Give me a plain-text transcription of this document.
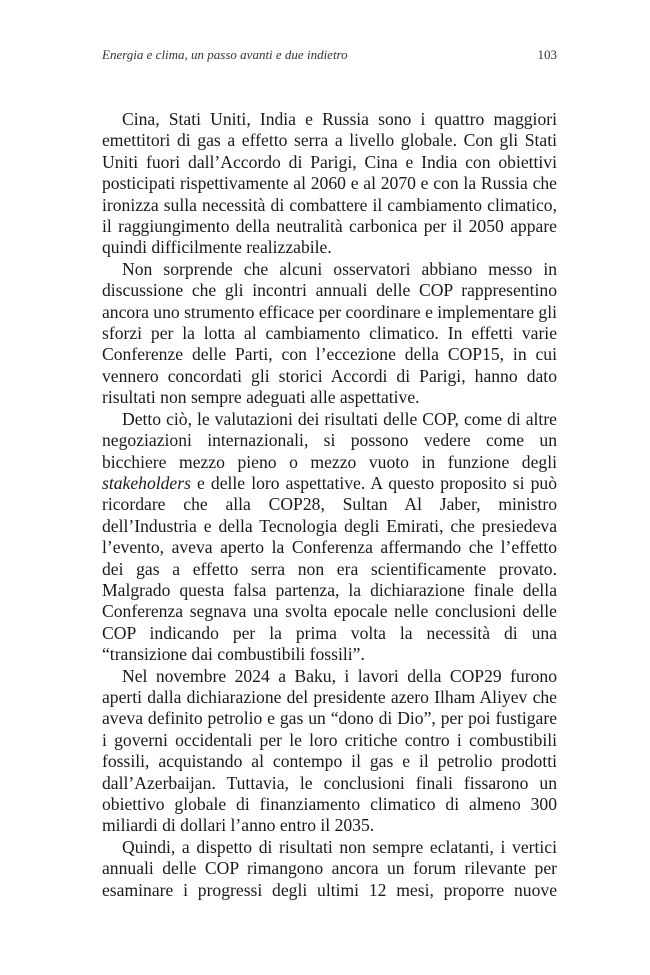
Energia e clima, un passo avanti e due indietro	103

Cina, Stati Uniti, India e Russia sono i quattro maggiori emettitori di gas a effetto serra a livello globale. Con gli Stati Uniti fuori dall’Accordo di Parigi, Cina e India con obiettivi posticipati rispettivamente al 2060 e al 2070 e con la Russia che ironizza sulla necessità di combattere il cambiamento climatico, il raggiungimento della neutralità carbonica per il 2050 appare quindi difficilmente realizzabile.

Non sorprende che alcuni osservatori abbiano messo in discussione che gli incontri annuali delle COP rappresentino ancora uno strumento efficace per coordinare e implementare gli sforzi per la lotta al cambiamento climatico. In effetti varie Conferenze delle Parti, con l’eccezione della COP15, in cui vennero concordati gli storici Accordi di Parigi, hanno dato risultati non sempre adeguati alle aspettative.

Detto ciò, le valutazioni dei risultati delle COP, come di altre negoziazioni internazionali, si possono vedere come un bicchiere mezzo pieno o mezzo vuoto in funzione degli stakeholders e delle loro aspettative. A questo proposito si può ricordare che alla COP28, Sultan Al Jaber, ministro dell’Industria e della Tecnologia degli Emirati, che presiedeva l’evento, aveva aperto la Conferenza affermando che l’effetto dei gas a effetto serra non era scientificamente provato. Malgrado questa falsa partenza, la dichiarazione finale della Conferenza segnava una svolta epocale nelle conclusioni delle COP indicando per la prima volta la necessità di una “transizione dai combustibili fossili”.

Nel novembre 2024 a Baku, i lavori della COP29 furono aperti dalla dichiarazione del presidente azero Ilham Aliyev che aveva definito petrolio e gas un “dono di Dio”, per poi fustigare i governi occidentali per le loro critiche contro i combustibili fossili, acquistando al contempo il gas e il petrolio prodotti dall’Azerbaijan. Tuttavia, le conclusioni finali fissarono un obiettivo globale di finanziamento climatico di almeno 300 miliardi di dollari l’anno entro il 2035.

Quindi, a dispetto di risultati non sempre eclatanti, i vertici annuali delle COP rimangono ancora un forum rilevante per esaminare i progressi degli ultimi 12 mesi, proporre nuove
